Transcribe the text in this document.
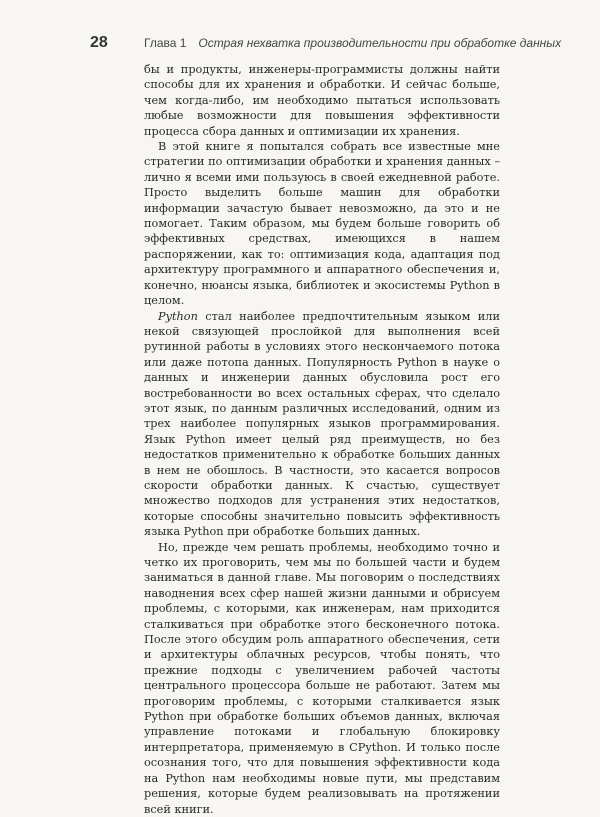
28	Глава 1 Острая нехватка производительности при обработке данных

бы и продукты, инженеры-программисты должны найти способы для их хранения и обработки. И сейчас больше, чем когда-либо, им необходимо пытаться использовать любые возможности для повышения эффективности процесса сбора данных и оптимизации их хранения.

В этой книге я попытался собрать все известные мне стратегии по оптимизации обработки и хранения данных – лично я всеми ими пользуюсь в своей ежедневной работе. Просто выделить больше машин для обработки информации зачастую бывает невозможно, да это и не помогает. Таким образом, мы будем больше говорить об эффективных средствах, имеющихся в нашем распоряжении, как то: оптимизация кода, адаптация под архитектуру программного и аппаратного обеспечения и, конечно, нюансы языка, библиотек и экосистемы Python в целом.

Python стал наиболее предпочтительным языком или некой связующей прослойкой для выполнения всей рутинной работы в условиях этого нескончаемого потока или даже потопа данных. Популярность Python в науке о данных и инженерии данных обусловила рост его востребованности во всех остальных сферах, что сделало этот язык, по данным различных исследований, одним из трех наиболее популярных языков программирования. Язык Python имеет целый ряд преимуществ, но без недостатков применительно к обработке больших данных в нем не обошлось. В частности, это касается вопросов скорости обработки данных. К счастью, существует множество подходов для устранения этих недостатков, которые способны значительно повысить эффективность языка Python при обработке больших данных.

Но, прежде чем решать проблемы, необходимо точно и четко их проговорить, чем мы по большей части и будем заниматься в данной главе. Мы поговорим о последствиях наводнения всех сфер нашей жизни данными и обрисуем проблемы, с которыми, как инженерам, нам приходится сталкиваться при обработке этого бесконечного потока. После этого обсудим роль аппаратного обеспечения, сети и архитектуры облачных ресурсов, чтобы понять, что прежние подходы с увеличением рабочей частоты центрального процессора больше не работают. Затем мы проговорим проблемы, с которыми сталкивается язык Python при обработке больших объемов данных, включая управление потоками и глобальную блокировку интерпретатора, применяемую в CPython. И только после осознания того, что для повышения эффективности кода на Python нам необходимы новые пути, мы представим решения, которые будем реализовывать на протяжении всей книги.
